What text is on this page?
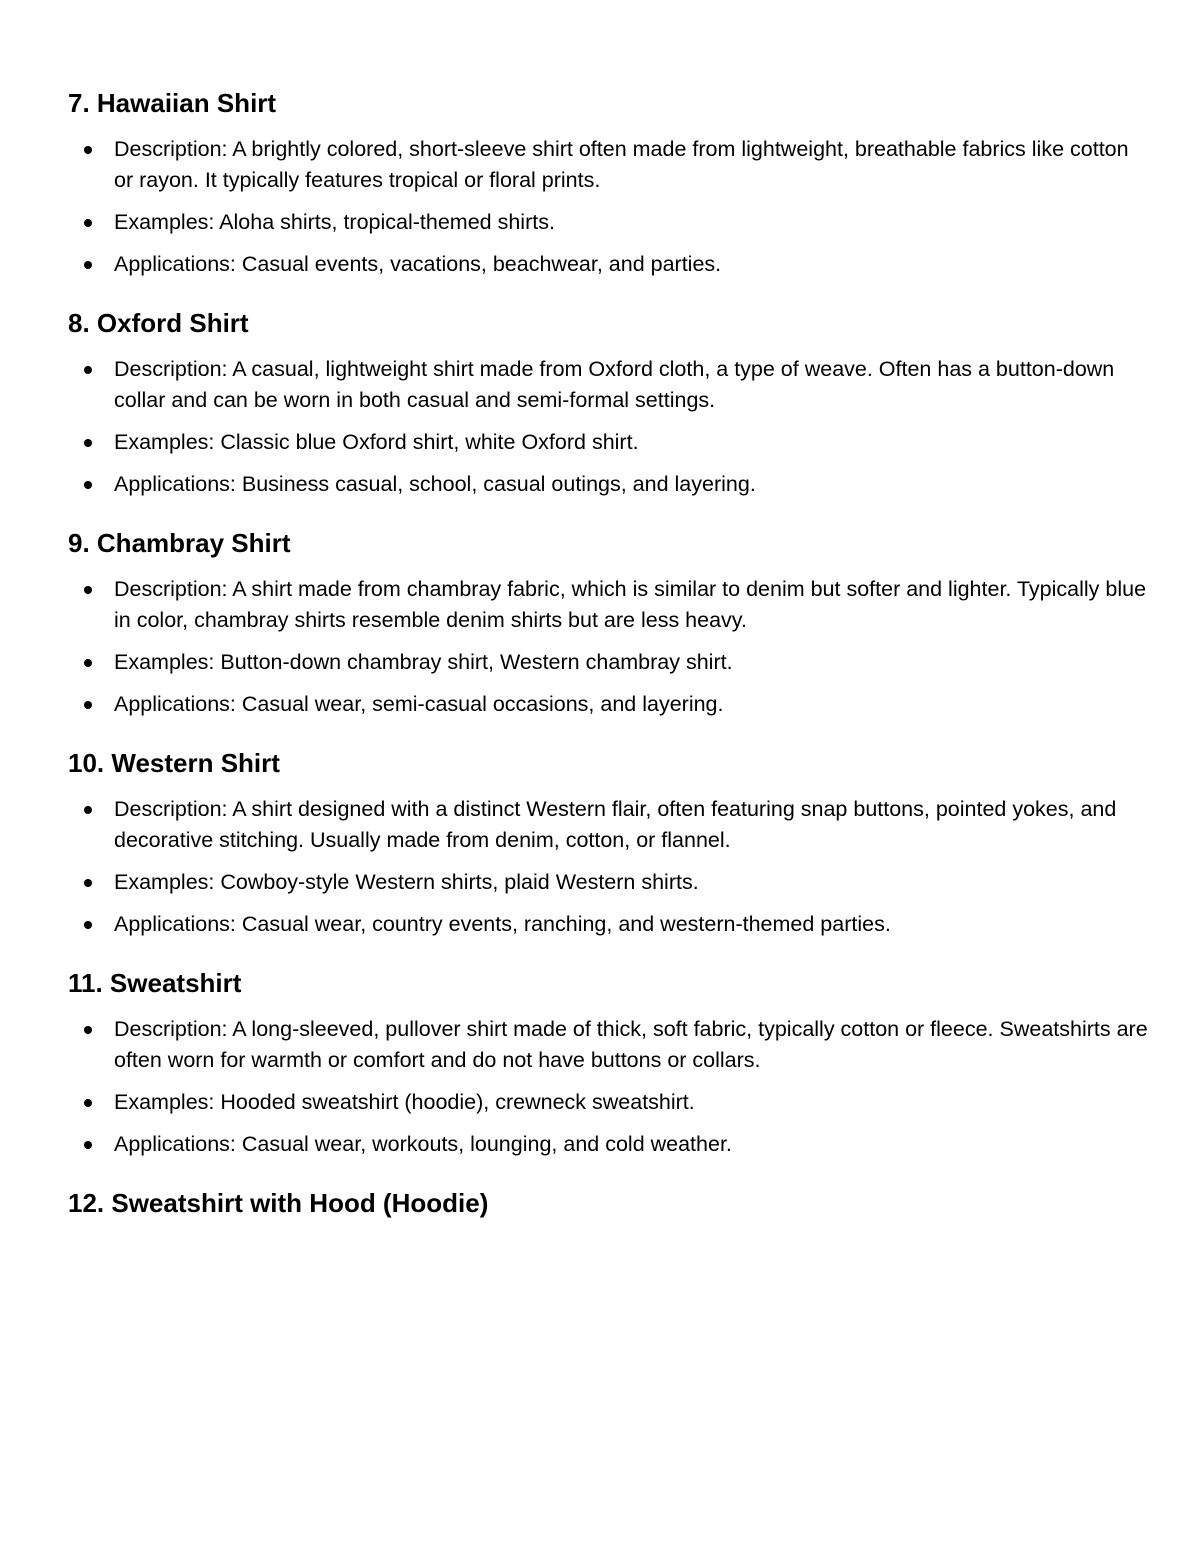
7. Hawaiian Shirt
Description: A brightly colored, short-sleeve shirt often made from lightweight, breathable fabrics like cotton or rayon. It typically features tropical or floral prints.
Examples: Aloha shirts, tropical-themed shirts.
Applications: Casual events, vacations, beachwear, and parties.
8. Oxford Shirt
Description: A casual, lightweight shirt made from Oxford cloth, a type of weave. Often has a button-down collar and can be worn in both casual and semi-formal settings.
Examples: Classic blue Oxford shirt, white Oxford shirt.
Applications: Business casual, school, casual outings, and layering.
9. Chambray Shirt
Description: A shirt made from chambray fabric, which is similar to denim but softer and lighter. Typically blue in color, chambray shirts resemble denim shirts but are less heavy.
Examples: Button-down chambray shirt, Western chambray shirt.
Applications: Casual wear, semi-casual occasions, and layering.
10. Western Shirt
Description: A shirt designed with a distinct Western flair, often featuring snap buttons, pointed yokes, and decorative stitching. Usually made from denim, cotton, or flannel.
Examples: Cowboy-style Western shirts, plaid Western shirts.
Applications: Casual wear, country events, ranching, and western-themed parties.
11. Sweatshirt
Description: A long-sleeved, pullover shirt made of thick, soft fabric, typically cotton or fleece. Sweatshirts are often worn for warmth or comfort and do not have buttons or collars.
Examples: Hooded sweatshirt (hoodie), crewneck sweatshirt.
Applications: Casual wear, workouts, lounging, and cold weather.
12. Sweatshirt with Hood (Hoodie)
